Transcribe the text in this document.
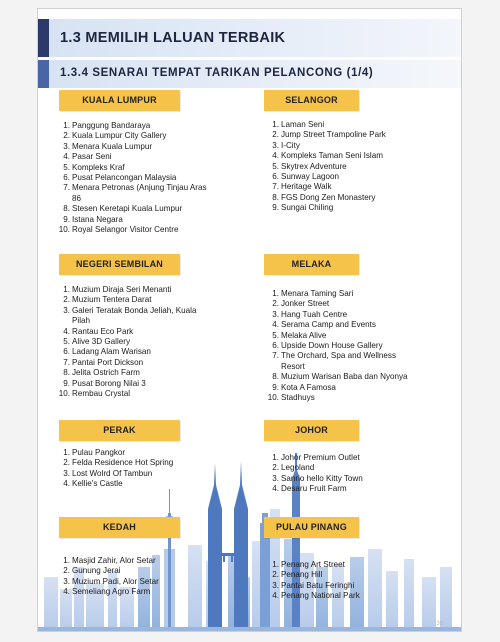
1.3 MEMILIH LALUAN TERBAIK
1.3.4 SENARAI TEMPAT TARIKAN PELANCONG (1/4)
KUALA LUMPUR
1. Panggung Bandaraya
2. Kuala Lumpur City Gallery
3. Menara Kuala Lumpur
4. Pasar Seni
5. Kompleks Kraf
6. Pusat Pelancongan Malaysia
7. Menara Petronas (Anjung Tinjau Aras
86
8. Stesen Keretapi Kuala Lumpur
9. Istana Negara
10. Royal Selangor Visitor Centre
SELANGOR
1. Laman Seni
2. Jump Street Trampoline Park
3. I-City
4. Kompleks Taman Seni Islam
5. Skytrex Adventure
6. Sunway Lagoon
7. Heritage Walk
8. FGS Dong Zen Monastery
9. Sungai Chiling
NEGERI SEMBILAN
1. Muzium Diraja Seri Menanti
2. Muzium Tentera Darat
3. Galeri Teratak Bonda Jeliah, Kuala
Pilah
4. Rantau Eco Park
5. Alive 3D Gallery
6. Ladang Alam Warisan
7. Pantai Port Dickson
8. Jelita Ostrich Farm
9. Pusat Borong Nilai 3
10. Rembau Crystal
MELAKA
1. Menara Taming Sari
2. Jonker Street
3. Hang Tuah Centre
4. Serama Camp and Events
5. Melaka Alive
6. Upside Down House Gallery
7. The Orchard, Spa and Wellness
Resort
8. Muzium Warisan Baba dan Nyonya
9. Kota A Famosa
10. Stadhuys
PERAK
1. Pulau Pangkor
2. Felda Residence Hot Spring
3. Lost Wolrd Of Tambun
4. Kellie's Castle
JOHOR
1. Johor Premium Outlet
2. Legoland
3. Sanrio hello Kitty Town
4. Desaru Fruit Farm
KEDAH
1. Masjid Zahir, Alor Setar
2. Gunung Jerai
3. Muzium Padi, Alor Setar
4. Semeliang Agro Farm
PULAU PINANG
1. Penang Art Street
2. Penang Hill
3. Pantai Batu Feringhi
4. Penang National Park
36
